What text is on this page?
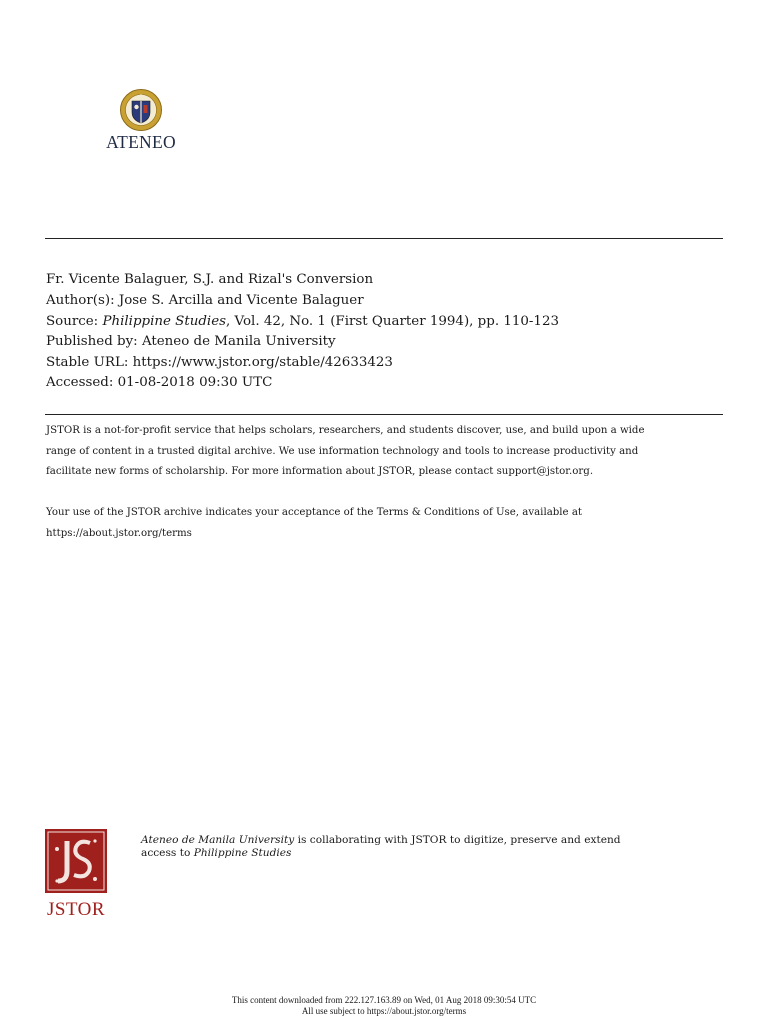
ATENEO
Fr. Vicente Balaguer, S.J. and Rizal's Conversion
Author(s): Jose S. Arcilla and Vicente Balaguer
Source: Philippine Studies, Vol. 42, No. 1 (First Quarter 1994), pp. 110-123
Published by: Ateneo de Manila University
Stable URL: https://www.jstor.org/stable/42633423
Accessed: 01-08-2018 09:30 UTC
JSTOR is a not-for-profit service that helps scholars, researchers, and students discover, use, and build upon a wide
range of content in a trusted digital archive. We use information technology and tools to increase productivity and
facilitate new forms of scholarship. For more information about JSTOR, please contact support@jstor.org.
Your use of the JSTOR archive indicates your acceptance of the Terms & Conditions of Use, available at
https://about.jstor.org/terms
JSTOR
Ateneo de Manila University is collaborating with JSTOR to digitize, preserve and extend
access to Philippine Studies
This content downloaded from 222.127.163.89 on Wed, 01 Aug 2018 09:30:54 UTC
All use subject to https://about.jstor.org/terms
